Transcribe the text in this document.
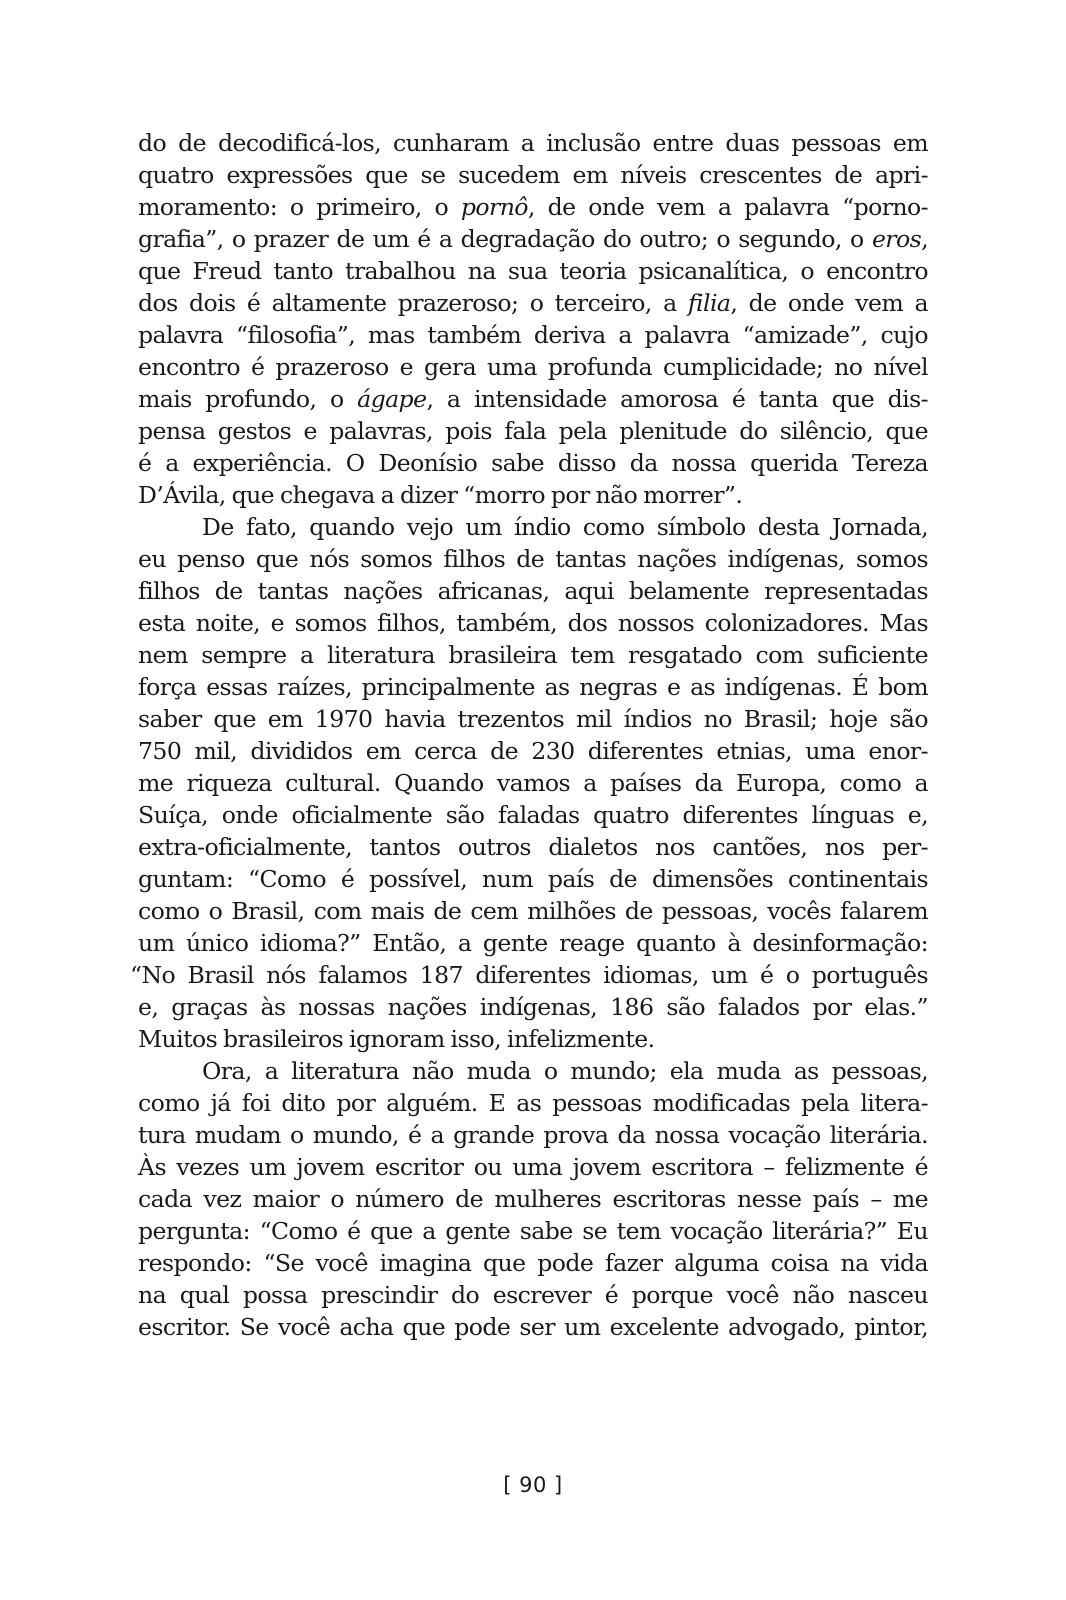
do de decodificá-los, cunharam a inclusão entre duas pessoas em
quatro expressões que se sucedem em níveis crescentes de apri-
moramento: o primeiro, o pornô, de onde vem a palavra “porno-
grafia”, o prazer de um é a degradação do outro; o segundo, o eros,
que Freud tanto trabalhou na sua teoria psicanalítica, o encontro
dos dois é altamente prazeroso; o terceiro, a filia, de onde vem a
palavra “filosofia”, mas também deriva a palavra “amizade”, cujo
encontro é prazeroso e gera uma profunda cumplicidade; no nível
mais profundo, o ágape, a intensidade amorosa é tanta que dis-
pensa gestos e palavras, pois fala pela plenitude do silêncio, que
é a experiência. O Deonísio sabe disso da nossa querida Tereza
D’Ávila, que chegava a dizer “morro por não morrer”.
De fato, quando vejo um índio como símbolo desta Jornada,
eu penso que nós somos filhos de tantas nações indígenas, somos
filhos de tantas nações africanas, aqui belamente representadas
esta noite, e somos filhos, também, dos nossos colonizadores. Mas
nem sempre a literatura brasileira tem resgatado com suficiente
força essas raízes, principalmente as negras e as indígenas. É bom
saber que em 1970 havia trezentos mil índios no Brasil; hoje são
750 mil, divididos em cerca de 230 diferentes etnias, uma enor-
me riqueza cultural. Quando vamos a países da Europa, como a
Suíça, onde oficialmente são faladas quatro diferentes línguas e,
extra-oficialmente, tantos outros dialetos nos cantões, nos per-
guntam: “Como é possível, num país de dimensões continentais
como o Brasil, com mais de cem milhões de pessoas, vocês falarem
um único idioma?” Então, a gente reage quanto à desinformação:
“No Brasil nós falamos 187 diferentes idiomas, um é o português
e, graças às nossas nações indígenas, 186 são falados por elas.”
Muitos brasileiros ignoram isso, infelizmente.
Ora, a literatura não muda o mundo; ela muda as pessoas,
como já foi dito por alguém. E as pessoas modificadas pela litera-
tura mudam o mundo, é a grande prova da nossa vocação literária.
Às vezes um jovem escritor ou uma jovem escritora – felizmente é
cada vez maior o número de mulheres escritoras nesse país – me
pergunta: “Como é que a gente sabe se tem vocação literária?” Eu
respondo: “Se você imagina que pode fazer alguma coisa na vida
na qual possa prescindir do escrever é porque você não nasceu
escritor. Se você acha que pode ser um excelente advogado, pintor,
[ 90 ]
